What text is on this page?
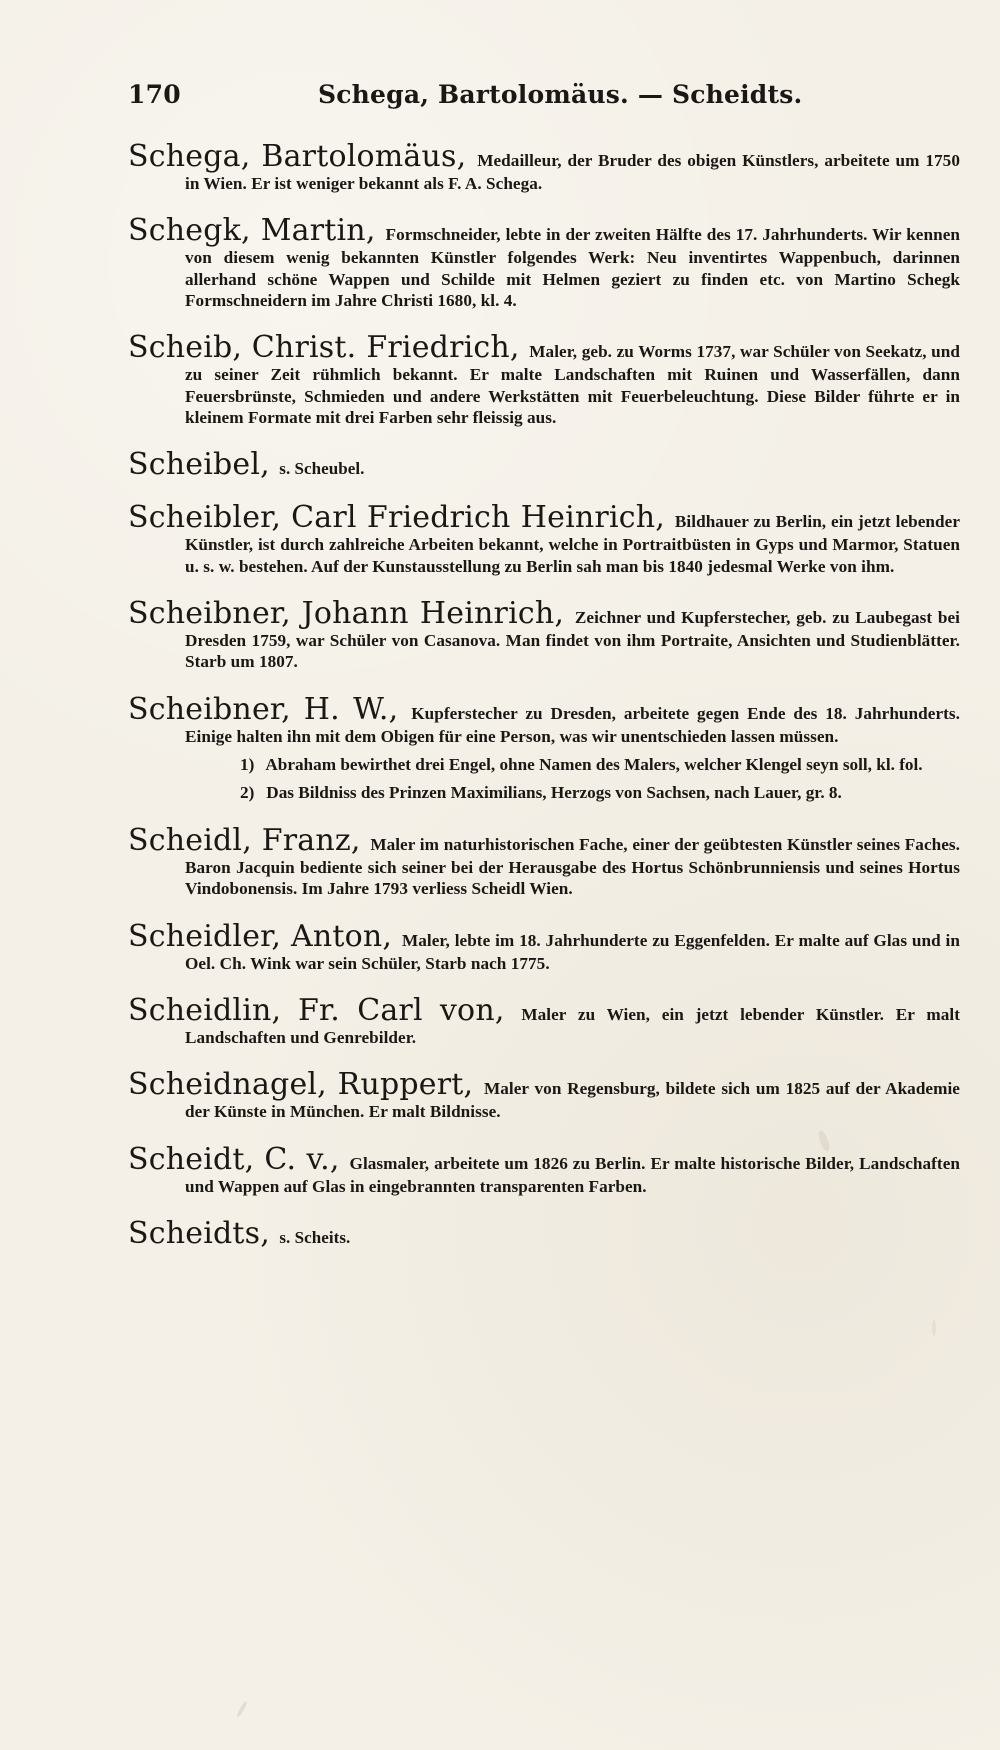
170	Schega, Bartolomäus. — Scheidts.

Schega, Bartolomäus, Medailleur, der Bruder des obigen Künstlers, arbeitete um 1750 in Wien. Er ist weniger bekannt als F. A. Schega.

Schegk, Martin, Formschneider, lebte in der zweiten Hälfte des 17. Jahrhunderts. Wir kennen von diesem wenig bekannten Künstler folgendes Werk: Neu inventirtes Wappenbuch, darinnen allerhand schöne Wappen und Schilde mit Helmen geziert zu finden etc. von Martino Schegk Formschneidern im Jahre Christi 1680, kl. 4.

Scheib, Christ. Friedrich, Maler, geb. zu Worms 1737, war Schüler von Seekatz, und zu seiner Zeit rühmlich bekannt. Er malte Landschaften mit Ruinen und Wasserfällen, dann Feuersbrünste, Schmieden und andere Werkstätten mit Feuerbeleuchtung. Diese Bilder führte er in kleinem Formate mit drei Farben sehr fleissig aus.

Scheibel, s. Scheubel.

Scheibler, Carl Friedrich Heinrich, Bildhauer zu Berlin, ein jetzt lebender Künstler, ist durch zahlreiche Arbeiten bekannt, welche in Portraitbüsten in Gyps und Marmor, Statuen u. s. w. bestehen. Auf der Kunstausstellung zu Berlin sah man bis 1840 jedesmal Werke von ihm.

Scheibner, Johann Heinrich, Zeichner und Kupferstecher, geb. zu Laubegast bei Dresden 1759, war Schüler von Casanova. Man findet von ihm Portraite, Ansichten und Studienblätter. Starb um 1807.

Scheibner, H. W., Kupferstecher zu Dresden, arbeitete gegen Ende des 18. Jahrhunderts. Einige halten ihn mit dem Obigen für eine Person, was wir unentschieden lassen müssen.

1) Abraham bewirthet drei Engel, ohne Namen des Malers, welcher Klengel seyn soll, kl. fol.
2) Das Bildniss des Prinzen Maximilians, Herzogs von Sachsen, nach Lauer, gr. 8.

Scheidl, Franz, Maler im naturhistorischen Fache, einer der geübtesten Künstler seines Faches. Baron Jacquin bediente sich seiner bei der Herausgabe des Hortus Schönbrunniensis und seines Hortus Vindobonensis. Im Jahre 1793 verliess Scheidl Wien.

Scheidler, Anton, Maler, lebte im 18. Jahrhunderte zu Eggenfelden. Er malte auf Glas und in Oel. Ch. Wink war sein Schüler, Starb nach 1775.

Scheidlin, Fr. Carl von, Maler zu Wien, ein jetzt lebender Künstler. Er malt Landschaften und Genrebilder.

Scheidnagel, Ruppert, Maler von Regensburg, bildete sich um 1825 auf der Akademie der Künste in München. Er malt Bildnisse.

Scheidt, C. v., Glasmaler, arbeitete um 1826 zu Berlin. Er malte historische Bilder, Landschaften und Wappen auf Glas in eingebrannten transparenten Farben.

Scheidts, s. Scheits.
